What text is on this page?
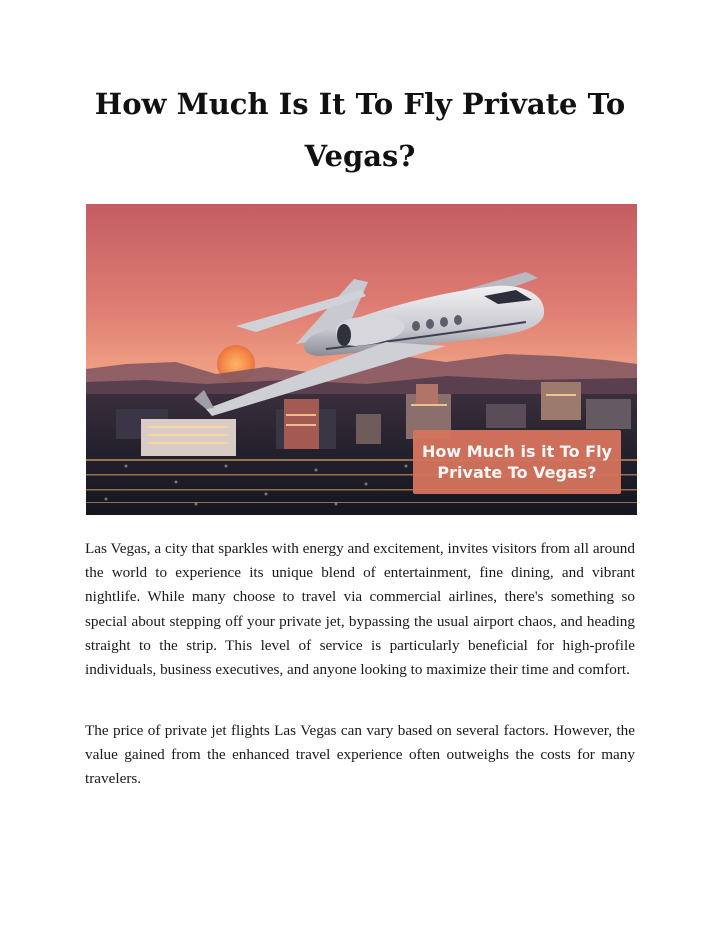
How Much Is It To Fly Private To Vegas?
How Much is it To Fly
Private To Vegas?

Las Vegas, a city that sparkles with energy and excitement, invites visitors from all around the world to experience its unique blend of entertainment, fine dining, and vibrant nightlife. While many choose to travel via commercial airlines, there's something so special about stepping off your private jet, bypassing the usual airport chaos, and heading straight to the strip. This level of service is particularly beneficial for high-profile individuals, business executives, and anyone looking to maximize their time and comfort.

The price of private jet flights Las Vegas can vary based on several factors. However, the value gained from the enhanced travel experience often outweighs the costs for many travelers.
